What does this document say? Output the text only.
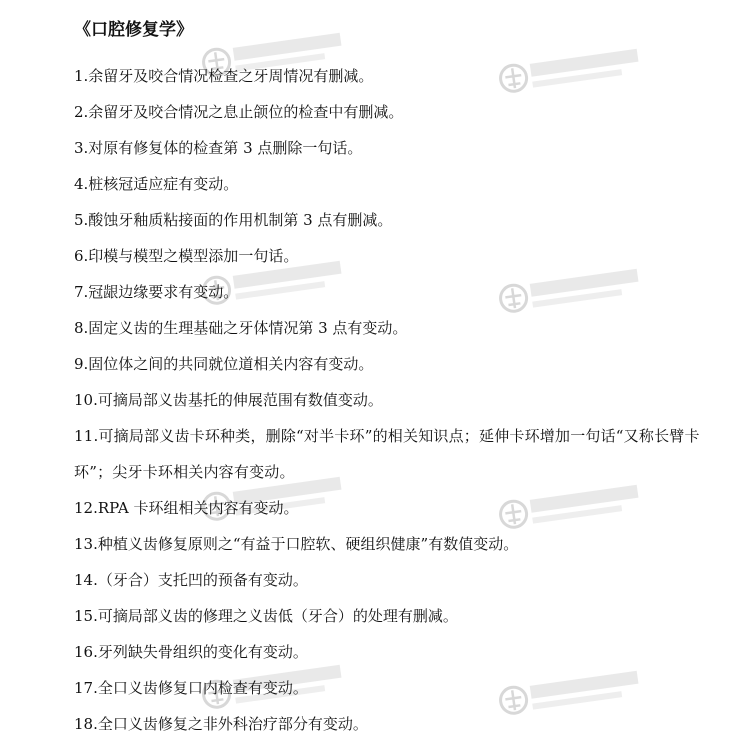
《口腔修复学》
1.余留牙及咬合情况检查之牙周情况有删减。
2.余留牙及咬合情况之息止颌位的检查中有删减。
3.对原有修复体的检查第 3 点删除一句话。
4.桩核冠适应症有变动。
5.酸蚀牙釉质粘接面的作用机制第 3 点有删减。
6.印模与模型之模型添加一句话。
7.冠龈边缘要求有变动。
8.固定义齿的生理基础之牙体情况第 3 点有变动。
9.固位体之间的共同就位道相关内容有变动。
10.可摘局部义齿基托的伸展范围有数值变动。
11.可摘局部义齿卡环种类，删除“对半卡环”的相关知识点；延伸卡环增加一句话“又称长臂卡环”；尖牙卡环相关内容有变动。
12.RPA 卡环组相关内容有变动。
13.种植义齿修复原则之“有益于口腔软、硬组织健康”有数值变动。
14.（牙合）支托凹的预备有变动。
15.可摘局部义齿的修理之义齿低（牙合）的处理有删减。
16.牙列缺失骨组织的变化有变动。
17.全口义齿修复口内检查有变动。
18.全口义齿修复之非外科治疗部分有变动。
